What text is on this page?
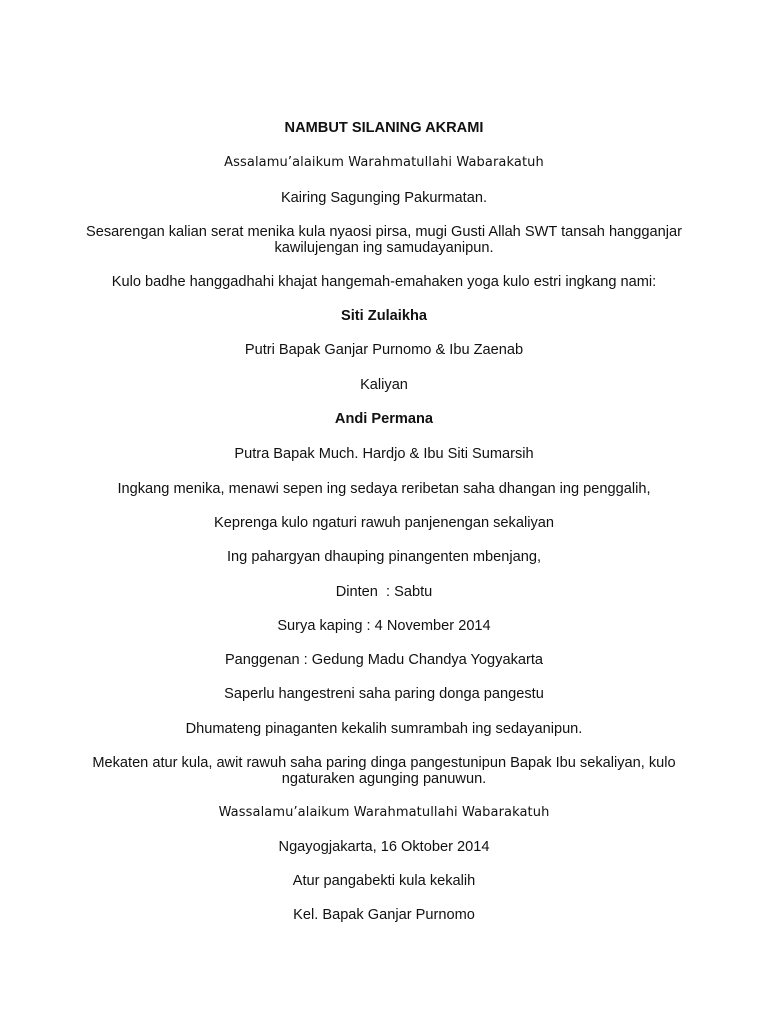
NAMBUT SILANING AKRAMI

Assalamu’alaikum Warahmatullahi Wabarakatuh

Kairing Sagunging Pakurmatan.

Sesarengan kalian serat menika kula nyaosi pirsa, mugi Gusti Allah SWT tansah hangganjar kawilujengan ing samudayanipun.

Kulo badhe hanggadhahi khajat hangemah-emahaken yoga kulo estri ingkang nami:

Siti Zulaikha

Putri Bapak Ganjar Purnomo & Ibu Zaenab

Kaliyan

Andi Permana

Putra Bapak Much. Hardjo & Ibu Siti Sumarsih

Ingkang menika, menawi sepen ing sedaya reribetan saha dhangan ing penggalih,

Keprenga kulo ngaturi rawuh panjenengan sekaliyan

Ing pahargyan dhauping pinangenten mbenjang,

Dinten  : Sabtu

Surya kaping : 4 November 2014

Panggenan : Gedung Madu Chandya Yogyakarta

Saperlu hangestreni saha paring donga pangestu

Dhumateng pinaganten kekalih sumrambah ing sedayanipun.

Mekaten atur kula, awit rawuh saha paring dinga pangestunipun Bapak Ibu sekaliyan, kulo ngaturaken agunging panuwun.

Wassalamu’alaikum Warahmatullahi Wabarakatuh

Ngayogjakarta, 16 Oktober 2014

Atur pangabekti kula kekalih

Kel. Bapak Ganjar Purnomo
